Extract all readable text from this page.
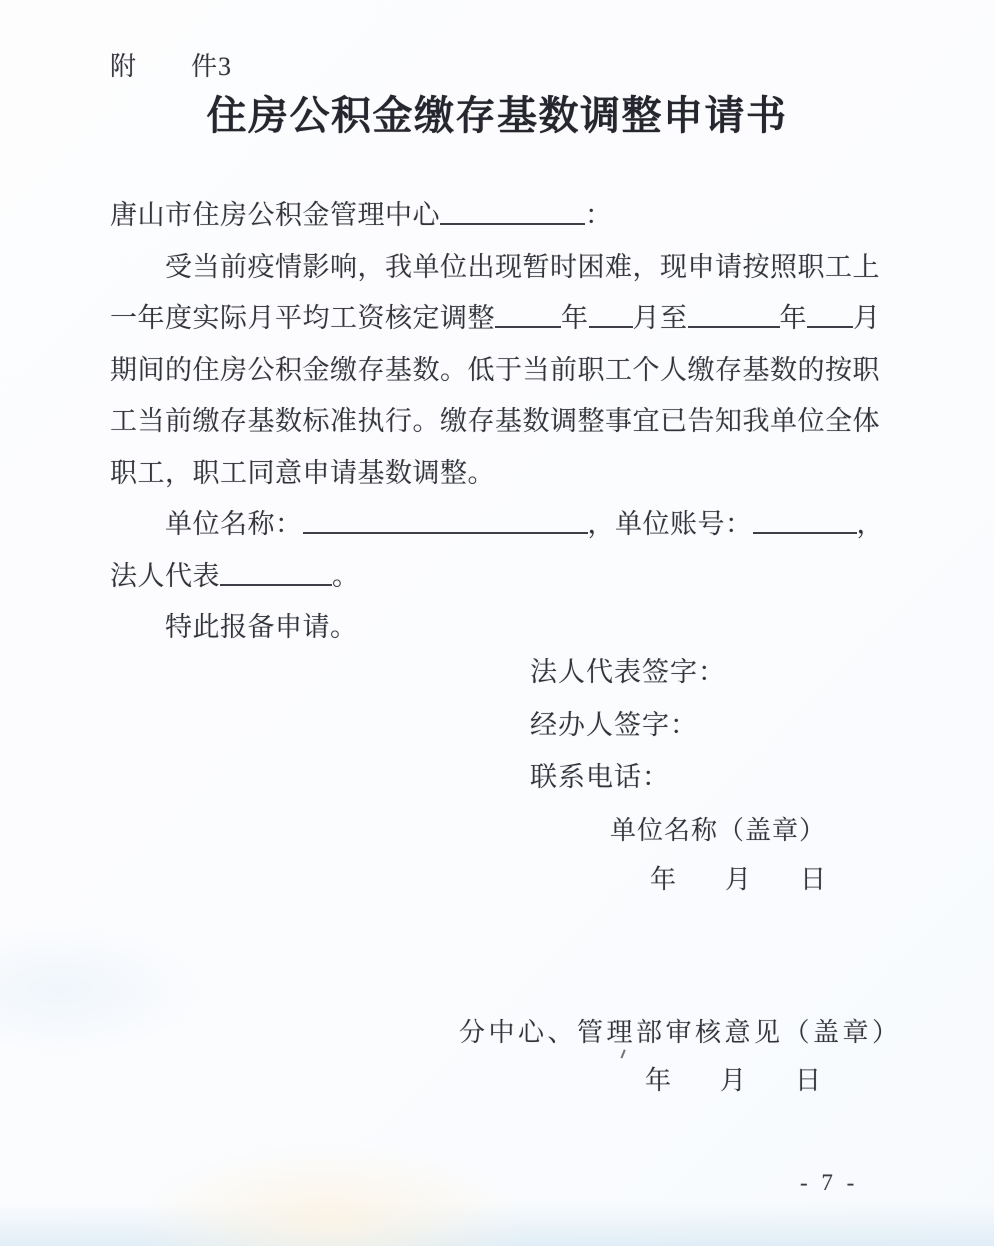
附　　件3
住房公积金缴存基数调整申请书
唐山市住房公积金管理中心	：
受当前疫情影响，我单位出现暂时困难，现申请按照职工上
一年度实际月平均工资核定调整 年 月至	年 月
期间的住房公积金缴存基数。低于当前职工个人缴存基数的按职
工当前缴存基数标准执行。缴存基数调整事宜已告知我单位全体
职工，职工同意申请基数调整。
单位名称：	，单位账号：	，
法人代表	。
特此报备申请。
法人代表签字：
经办人签字：
联系电话：
单位名称（盖章）
年 月 日
分中心、管理部审核意见（盖章）
年 月 日
- 7 -
